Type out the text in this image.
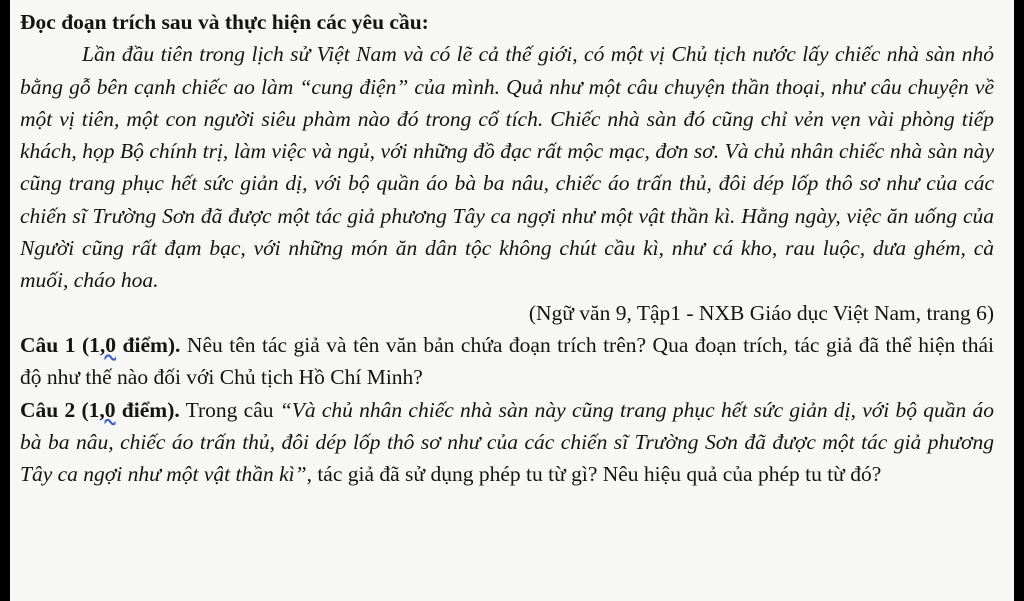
Đọc đoạn trích sau và thực hiện các yêu cầu:

Lần đầu tiên trong lịch sử Việt Nam và có lẽ cả thế giới, có một vị Chủ tịch nước lấy chiếc nhà sàn nhỏ bằng gỗ bên cạnh chiếc ao làm “cung điện” của mình. Quả như một câu chuyện thần thoại, như câu chuyện về một vị tiên, một con người siêu phàm nào đó trong cổ tích. Chiếc nhà sàn đó cũng chỉ vẻn vẹn vài phòng tiếp khách, họp Bộ chính trị, làm việc và ngủ, với những đồ đạc rất mộc mạc, đơn sơ. Và chủ nhân chiếc nhà sàn này cũng trang phục hết sức giản dị, với bộ quần áo bà ba nâu, chiếc áo trấn thủ, đôi dép lốp thô sơ như của các chiến sĩ Trường Sơn đã được một tác giả phương Tây ca ngợi như một vật thần kì. Hằng ngày, việc ăn uống của Người cũng rất đạm bạc, với những món ăn dân tộc không chút cầu kì, như cá kho, rau luộc, dưa ghém, cà muối, cháo hoa.

(Ngữ văn 9, Tập1 - NXB Giáo dục Việt Nam, trang 6)

Câu 1 (1,0 điểm). Nêu tên tác giả và tên văn bản chứa đoạn trích trên? Qua đoạn trích, tác giả đã thể hiện thái độ như thế nào đối với Chủ tịch Hồ Chí Minh?

Câu 2 (1,0 điểm). Trong câu “Và chủ nhân chiếc nhà sàn này cũng trang phục hết sức giản dị, với bộ quần áo bà ba nâu, chiếc áo trấn thủ, đôi dép lốp thô sơ như của các chiến sĩ Trường Sơn đã được một tác giả phương Tây ca ngợi như một vật thần kì”, tác giả đã sử dụng phép tu từ gì? Nêu hiệu quả của phép tu từ đó?
